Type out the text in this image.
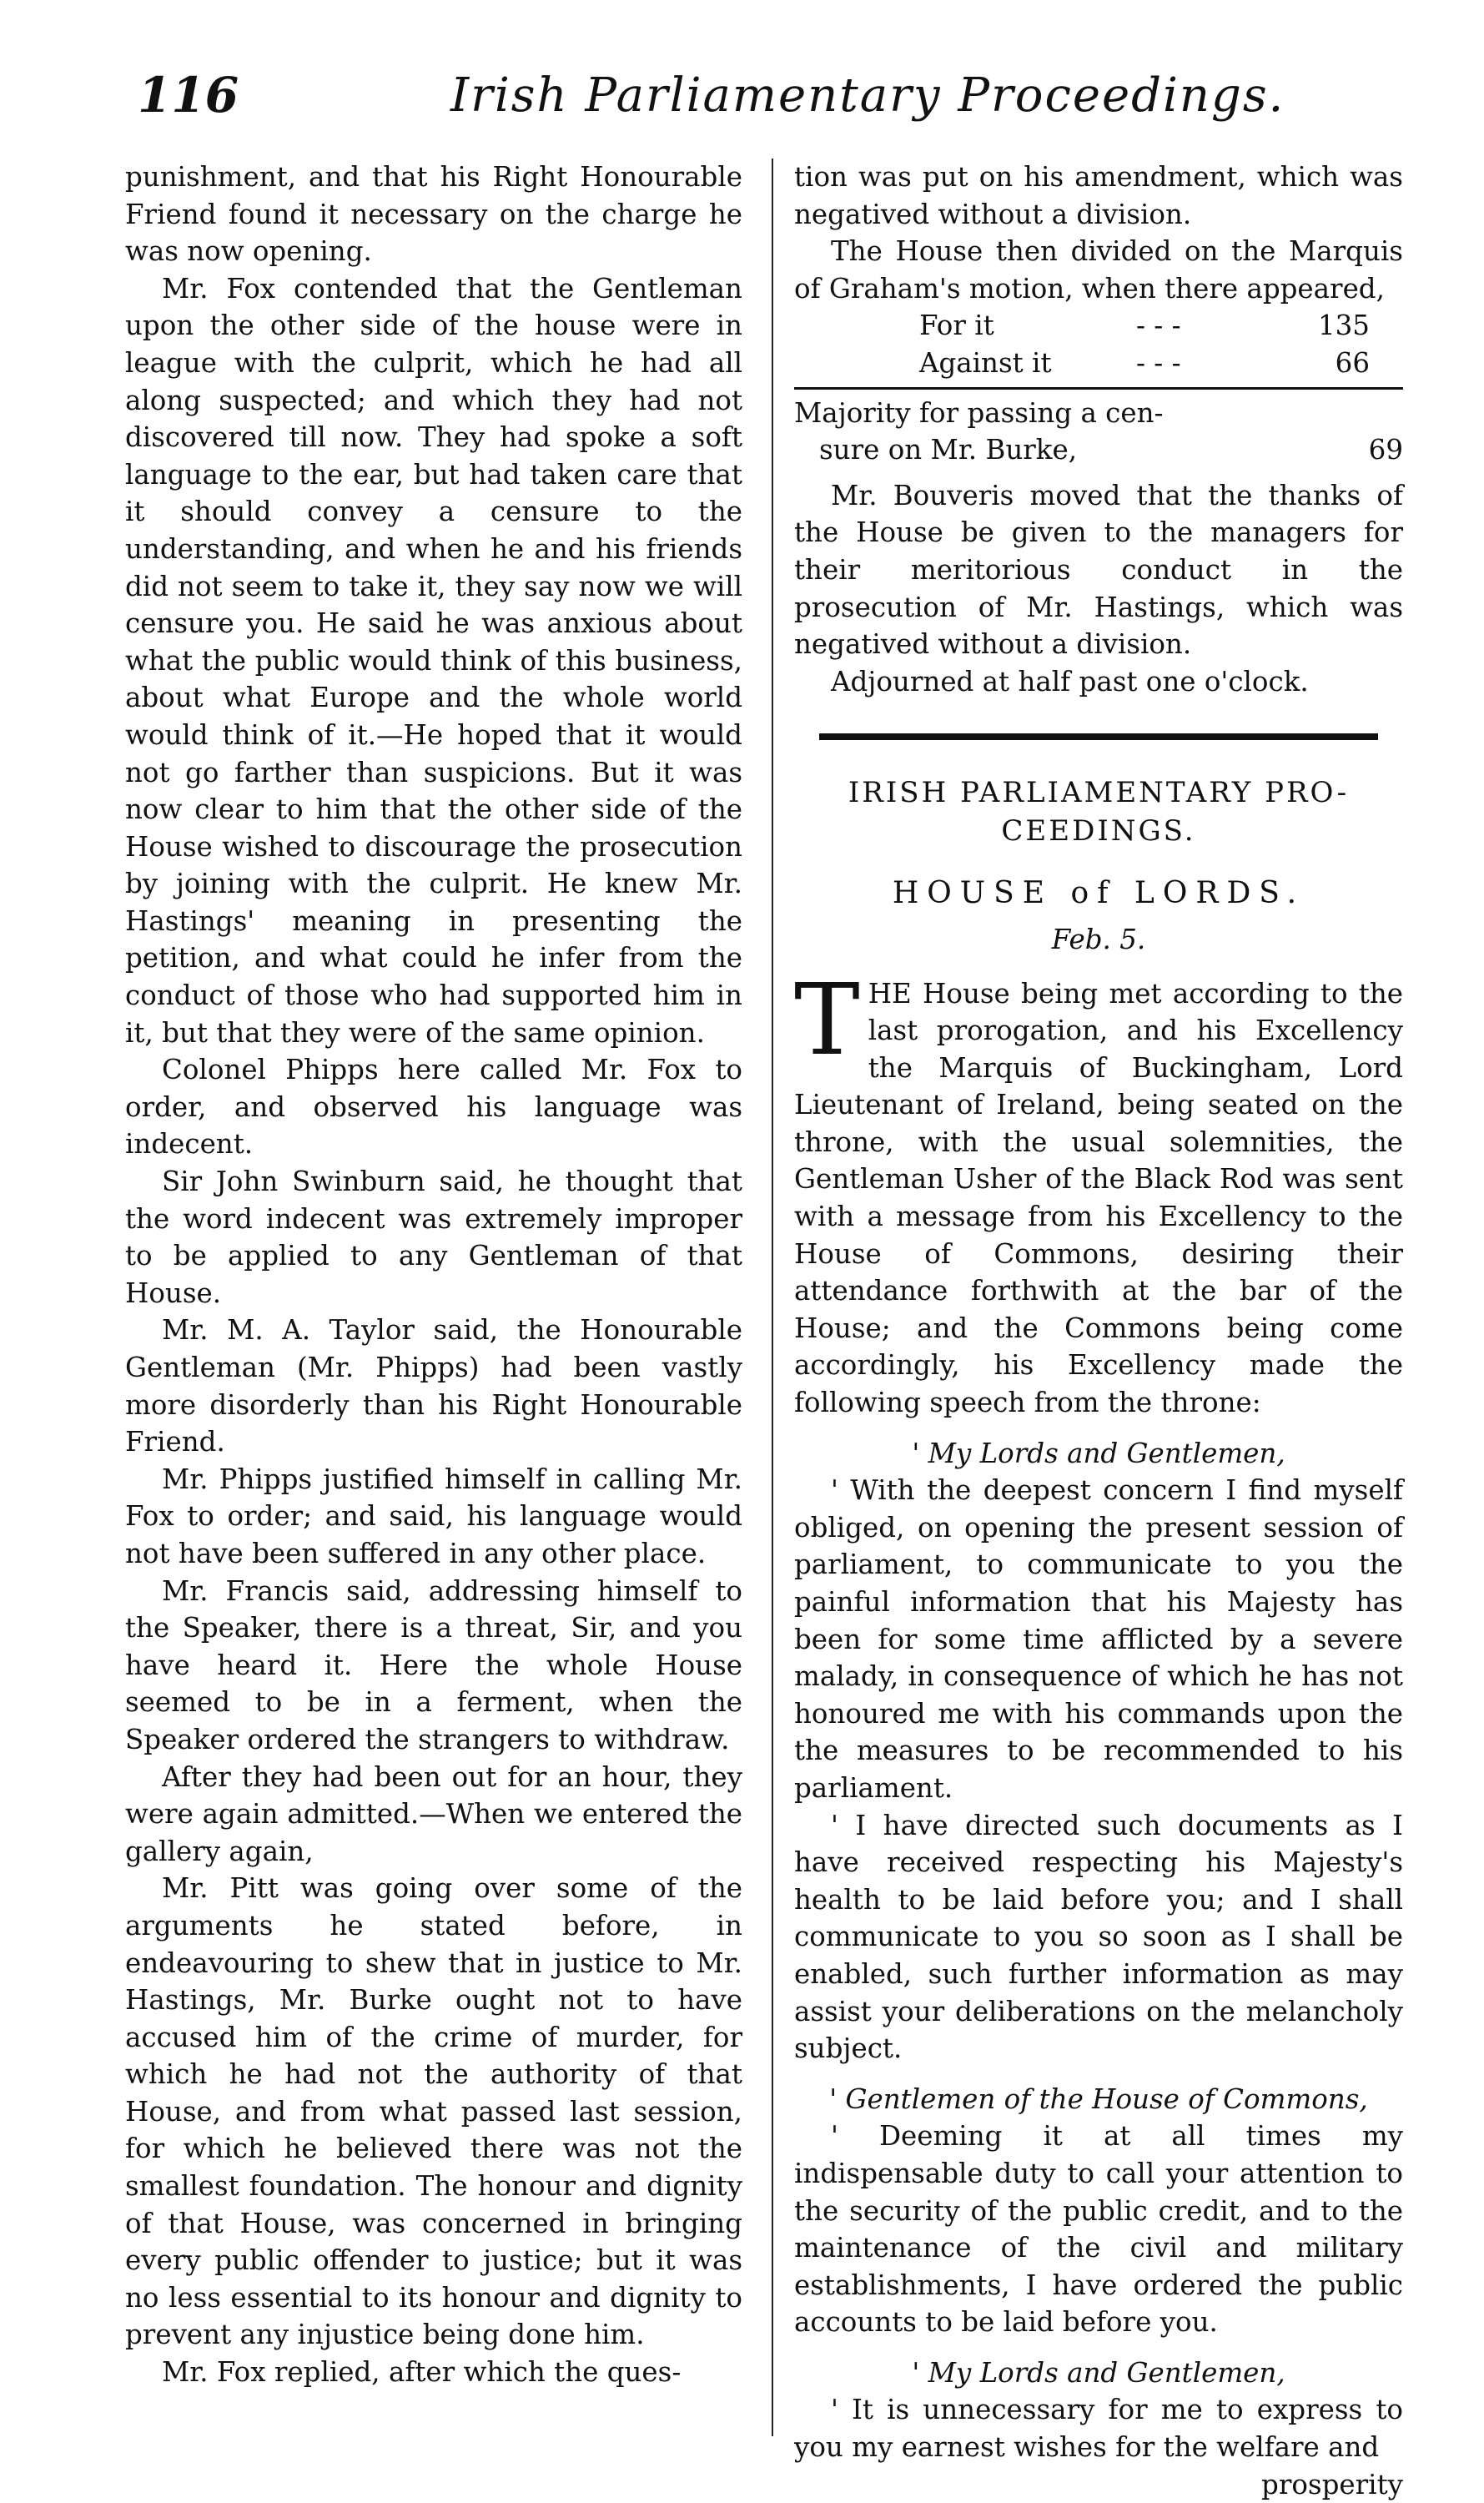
116	Irish Parliamentary Proceedings.

punishment, and that his Right Honourable Friend found it necessary on the charge he was now opening.

Mr. Fox contended that the Gentleman upon the other side of the house were in league with the culprit, which he had all along suspected; and which they had not discovered till now. They had spoke a soft language to the ear, but had taken care that it should convey a censure to the understanding, and when he and his friends did not seem to take it, they say now we will censure you. He said he was anxious about what the public would think of this business, about what Europe and the whole world would think of it.—He hoped that it would not go farther than suspicions. But it was now clear to him that the other side of the House wished to discourage the prosecution by joining with the culprit. He knew Mr. Hastings' meaning in presenting the petition, and what could he infer from the conduct of those who had supported him in it, but that they were of the same opinion.

Colonel Phipps here called Mr. Fox to order, and observed his language was indecent.

Sir John Swinburn said, he thought that the word indecent was extremely improper to be applied to any Gentleman of that House.

Mr. M. A. Taylor said, the Honourable Gentleman (Mr. Phipps) had been vastly more disorderly than his Right Honourable Friend.

Mr. Phipps justified himself in calling Mr. Fox to order; and said, his language would not have been suffered in any other place.

Mr. Francis said, addressing himself to the Speaker, there is a threat, Sir, and you have heard it. Here the whole House seemed to be in a ferment, when the Speaker ordered the strangers to withdraw.

After they had been out for an hour, they were again admitted.—When we entered the gallery again,

Mr. Pitt was going over some of the arguments he stated before, in endeavouring to shew that in justice to Mr. Hastings, Mr. Burke ought not to have accused him of the crime of murder, for which he had not the authority of that House, and from what passed last session, for which he believed there was not the smallest foundation. The honour and dignity of that House, was concerned in bringing every public offender to justice; but it was no less essential to its honour and dignity to prevent any injustice being done him.

Mr. Fox replied, after which the ques-

tion was put on his amendment, which was negatived without a division.

The House then divided on the Marquis of Graham's motion, when there appeared,

For it	- - -	135
Against it	- - -	66

Majority for passing a cen-

sure on Mr. Burke,	69

Mr. Bouveris moved that the thanks of the House be given to the managers for their meritorious conduct in the prosecution of Mr. Hastings, which was negatived without a division.

Adjourned at half past one o'clock.

IRISH PARLIAMENTARY PRO-
CEEDINGS.
HOUSE of LORDS.
Feb. 5.

THE House being met according to the last prorogation, and his Excellency the Marquis of Buckingham, Lord Lieutenant of Ireland, being seated on the throne, with the usual solemnities, the Gentleman Usher of the Black Rod was sent with a message from his Excellency to the House of Commons, desiring their attendance forthwith at the bar of the House; and the Commons being come accordingly, his Excellency made the following speech from the throne:

' My Lords and Gentlemen,

' With the deepest concern I find myself obliged, on opening the present session of parliament, to communicate to you the painful information that his Majesty has been for some time afflicted by a severe malady, in consequence of which he has not honoured me with his commands upon the the measures to be recommended to his parliament.

' I have directed such documents as I have received respecting his Majesty's health to be laid before you; and I shall communicate to you so soon as I shall be enabled, such further information as may assist your deliberations on the melancholy subject.

' Gentlemen of the House of Commons,

' Deeming it at all times my indispensable duty to call your attention to the security of the public credit, and to the maintenance of the civil and military establishments, I have ordered the public accounts to be laid before you.

' My Lords and Gentlemen,

' It is unnecessary for me to express to you my earnest wishes for the welfare and

prosperity
